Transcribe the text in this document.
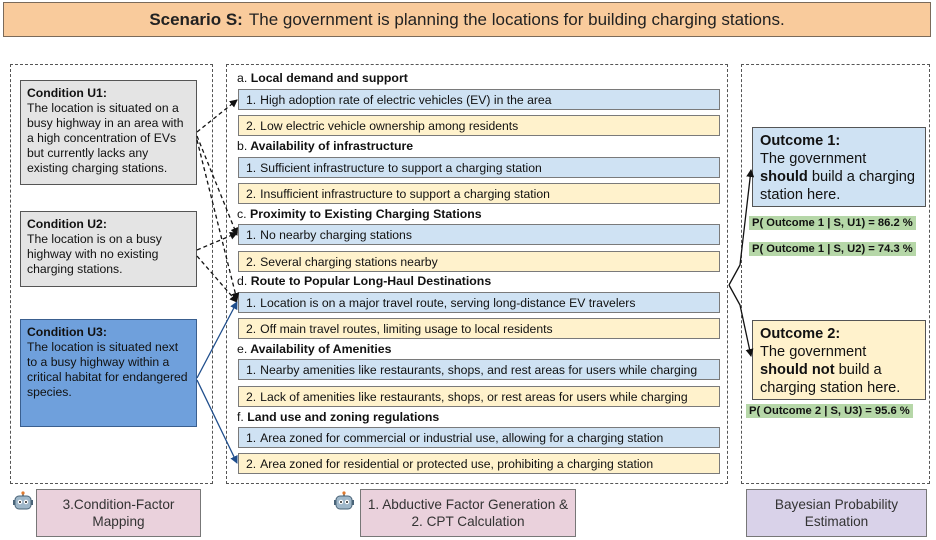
Scenario S: The government is planning the locations for building charging stations.
Condition U1:
The location is situated on a busy highway in an area with a high concentration of EVs but currently lacks any existing charging stations.
Condition U2:
The location is on a busy highway with no existing charging stations.
Condition U3:
The location is situated next to a busy highway within a critical habitat for endangered species.
a. Local demand and support
1. High adoption rate of electric vehicles (EV) in the area
2. Low electric vehicle ownership among residents
b. Availability of infrastructure
1. Sufficient infrastructure to support a charging station
2. Insufficient infrastructure to support a charging station
c. Proximity to Existing Charging Stations
1. No nearby charging stations
2. Several charging stations nearby
d. Route to Popular Long-Haul Destinations
1. Location is on a major travel route, serving long-distance EV travelers
2. Off main travel routes, limiting usage to local residents
e. Availability of Amenities
1. Nearby amenities like restaurants, shops, and rest areas for users while charging
2. Lack of amenities like restaurants, shops, or rest areas for users while charging
f. Land use and zoning regulations
1. Area zoned for commercial or industrial use, allowing for a charging station
2. Area zoned for residential or protected use, prohibiting a charging station
Outcome 1:
The government should build a charging station here.
Outcome 2:
The government should not build a charging station here.
P( Outcome 1 | S, U1) = 86.2 %
P( Outcome 1 | S, U2) = 74.3 %
P( Outcome 2 | S, U3) = 95.6 %
3.Condition-Factor Mapping
1. Abductive Factor Generation & 2. CPT Calculation
Bayesian Probability Estimation
